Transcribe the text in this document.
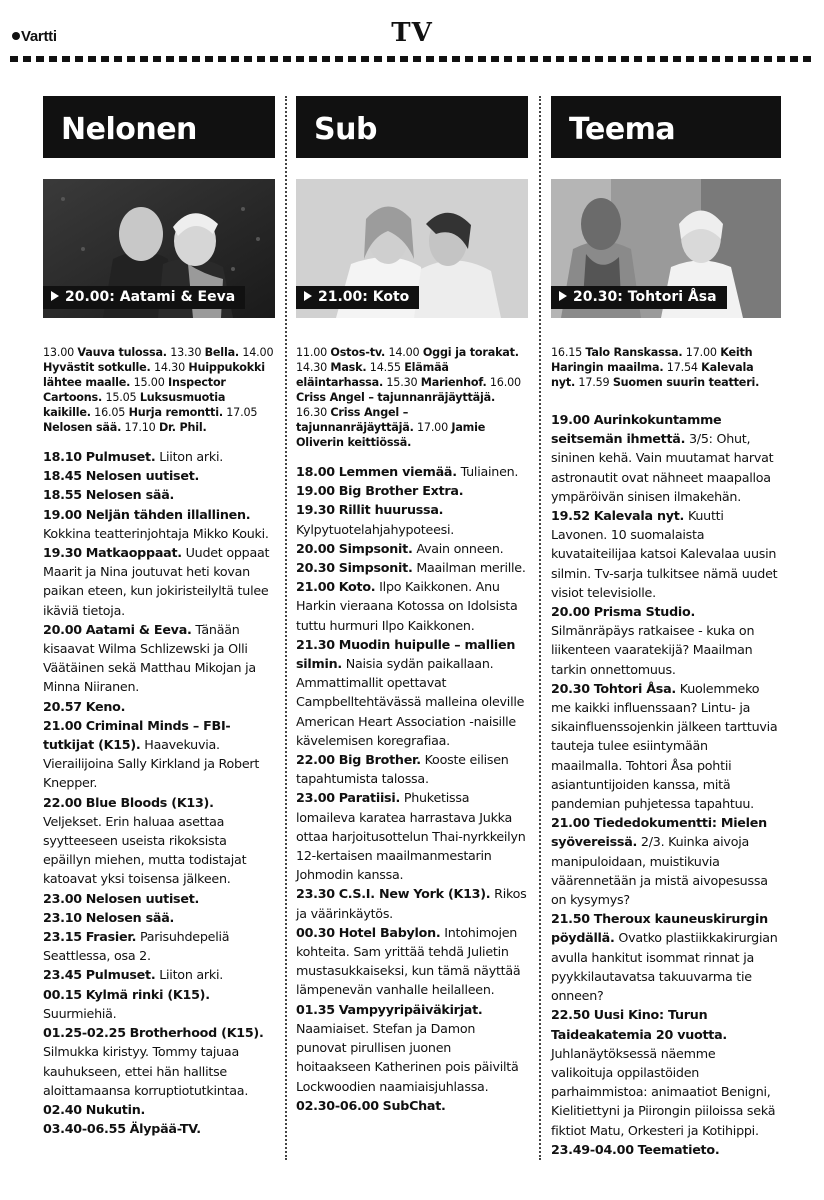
Vartti	TV
Nelonen
20.00: Aatami & Eeva
13.00 Vauva tulossa. 13.30 Bella. 14.00 Hyvästit sotkulle. 14.30 Huippukokki lähtee maalle. 15.00 Inspector Cartoons. 15.05 Luksusmuotia kaikille. 16.05 Hurja remontti. 17.05 Nelosen sää. 17.10 Dr. Phil.

18.10 Pulmuset. Liiton arki.

18.45 Nelosen uutiset.

18.55 Nelosen sää.

19.00 Neljän tähden illallinen. Kokkina teatterinjohtaja Mikko Kouki.

19.30 Matkaoppaat. Uudet oppaat Maarit ja Nina joutuvat heti kovan paikan eteen, kun jokiristeilyltä tulee ikäviä tietoja.

20.00 Aatami & Eeva. Tänään kisaavat Wilma Schlizewski ja Olli Väätäinen sekä Matthau Mikojan ja Minna Niiranen.

20.57 Keno.

21.00 Criminal Minds – FBI-tutkijat (K15). Haavekuvia. Vierailijoina Sally Kirkland ja Robert Knepper.

22.00 Blue Bloods (K13). Veljekset. Erin haluaa asettaa syytteeseen useista rikoksista epäillyn miehen, mutta todistajat katoavat yksi toisensa jälkeen.

23.00 Nelosen uutiset.

23.10 Nelosen sää.

23.15 Frasier. Parisuhdepeliä Seattlessa, osa 2.

23.45 Pulmuset. Liiton arki.

00.15 Kylmä rinki (K15). Suurmiehiä.

01.25-02.25 Brotherhood (K15). Silmukka kiristyy. Tommy tajuaa kauhukseen, ettei hän hallitse aloittamaansa korruptiotutkintaa.

02.40 Nukutin.

03.40-06.55 Älypää-TV.

Sub
21.00: Koto
11.00 Ostos-tv. 14.00 Oggi ja torakat. 14.30 Mask. 14.55 Elämää eläintarhassa. 15.30 Marienhof. 16.00 Criss Angel – tajunnanräjäyttäjä. 16.30 Criss Angel – tajunnanräjäyttäjä. 17.00 Jamie Oliverin keittiössä.

18.00 Lemmen viemää. Tuliainen.

19.00 Big Brother Extra.

19.30 Rillit huurussa. Kylpytuotelahjahypoteesi.

20.00 Simpsonit. Avain onneen.

20.30 Simpsonit. Maailman merille.

21.00 Koto. Ilpo Kaikkonen. Anu Harkin vieraana Kotossa on Idolsista tuttu hurmuri Ilpo Kaikkonen.

21.30 Muodin huipulle – mallien silmin. Naisia sydän paikallaan. Ammattimallit opettavat Campbelltehtävässä malleina oleville American Heart Association -naisille kävelemisen koregrafiaa.

22.00 Big Brother. Kooste eilisen tapahtumista talossa.

23.00 Paratiisi. Phuketissa lomaileva karatea harrastava Jukka ottaa harjoitusottelun Thai-nyrkkeilyn 12-kertaisen maailmanmestarin Johmodin kanssa.

23.30 C.S.I. New York (K13). Rikos ja väärinkäytös.

00.30 Hotel Babylon. Intohimojen kohteita. Sam yrittää tehdä Julietin mustasukkaiseksi, kun tämä näyttää lämpenevän vanhalle heilalleen.

01.35 Vampyyripäiväkirjat. Naamiaiset. Stefan ja Damon punovat pirullisen juonen hoitaakseen Katherinen pois päiviltä Lockwoodien naamiaisjuhlassa.

02.30-06.00 SubChat.

Teema
20.30: Tohtori Åsa
16.15 Talo Ranskassa. 17.00 Keith Haringin maailma. 17.54 Kalevala nyt. 17.59 Suomen suurin teatteri.

19.00 Aurinkokuntamme seitsemän ihmettä. 3/5: Ohut, sininen kehä. Vain muutamat harvat astronautit ovat nähneet maapalloa ympäröivän sinisen ilmakehän.

19.52 Kalevala nyt. Kuutti Lavonen. 10 suomalaista kuvataiteilijaa katsoi Kalevalaa uusin silmin. Tv-sarja tulkitsee nämä uudet visiot televisiolle.

20.00 Prisma Studio. Silmänräpäys ratkaisee - kuka on liikenteen vaaratekijä? Maailman tarkin onnettomuus.

20.30 Tohtori Åsa. Kuolemmeko me kaikki influenssaan? Lintu- ja sikainfluenssojenkin jälkeen tarttuvia tauteja tulee esiintymään maailmalla. Tohtori Åsa pohtii asiantuntijoiden kanssa, mitä pandemian puhjetessa tapahtuu.

21.00 Tiededokumentti: Mielen syövereissä. 2/3. Kuinka aivoja manipuloidaan, muistikuvia väärennetään ja mistä aivopesussa on kysymys?

21.50 Theroux kauneuskirurgin pöydällä. Ovatko plastiikkakirurgian avulla hankitut isommat rinnat ja pyykkilautavatsa takuuvarma tie onneen?

22.50 Uusi Kino: Turun Taideakatemia 20 vuotta. Juhlanäytöksessä näemme valikoituja oppilastöiden parhaimmistoa: animaatiot Benigni, Kielitiettyni ja Piirongin piiloissa sekä fiktiot Matu, Orkesteri ja Kotihippi.

23.49-04.00 Teematieto.
